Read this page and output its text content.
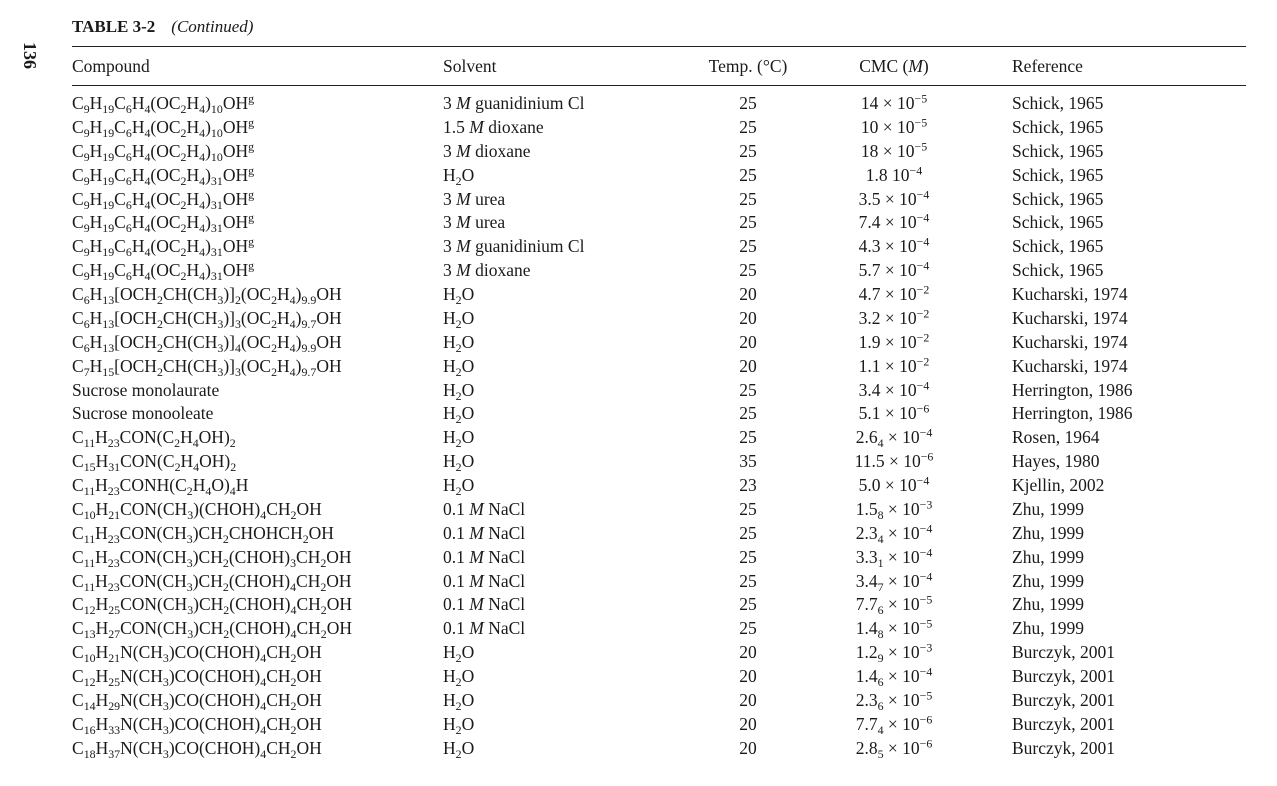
136
TABLE 3-2 (Continued)
Compound	Solvent	Temp. (°C)	CMC (M)	Reference
$C_9H_{19}C_6H_4(OC_2H_4)_{10}OH^g$	3 M guanidinium Cl	25	$14 \times 10^{-5}$	Schick, 1965
$C_9H_{19}C_6H_4(OC_2H_4)_{10}OH^g$	1.5 M dioxane	25	$10 \times 10^{-5}$	Schick, 1965
$C_9H_{19}C_6H_4(OC_2H_4)_{10}OH^g$	3 M dioxane	25	$18 \times 10^{-5}$	Schick, 1965
$C_9H_{19}C_6H_4(OC_2H_4)_{31}OH^g$	$H_2O$	25	1.8 $10^{-4}$	Schick, 1965
$C_9H_{19}C_6H_4(OC_2H_4)_{31}OH^g$	3 M urea	25	$3.5 \times 10^{-4}$	Schick, 1965
$C_9H_{19}C_6H_4(OC_2H_4)_{31}OH^g$	3 M urea	25	$7.4 \times 10^{-4}$	Schick, 1965
$C_9H_{19}C_6H_4(OC_2H_4)_{31}OH^g$	3 M guanidinium Cl	25	$4.3 \times 10^{-4}$	Schick, 1965
$C_9H_{19}C_6H_4(OC_2H_4)_{31}OH^g$	3 M dioxane	25	$5.7 \times 10^{-4}$	Schick, 1965
$C_6H_{13}[OCH_2CH(CH_3)]_2(OC_2H_4)_{9.9}OH$	$H_2O$	20	$4.7 \times 10^{-2}$	Kucharski, 1974
$C_6H_{13}[OCH_2CH(CH_3)]_3(OC_2H_4)_{9.7}OH$	$H_2O$	20	$3.2 \times 10^{-2}$	Kucharski, 1974
$C_6H_{13}[OCH_2CH(CH_3)]_4(OC_2H_4)_{9.9}OH$	$H_2O$	20	$1.9 \times 10^{-2}$	Kucharski, 1974
$C_7H_{15}[OCH_2CH(CH_3)]_3(OC_2H_4)_{9.7}OH$	$H_2O$	20	$1.1 \times 10^{-2}$	Kucharski, 1974
Sucrose monolaurate	$H_2O$	25	$3.4 \times 10^{-4}$	Herrington, 1986
Sucrose monooleate	$H_2O$	25	$5.1 \times 10^{-6}$	Herrington, 1986
$C_{11}H_{23}CON(C_2H_4OH)_2$	$H_2O$	25	$2.6_4 \times 10^{-4}$	Rosen, 1964
$C_{15}H_{31}CON(C_2H_4OH)_2$	$H_2O$	35	$11.5 \times 10^{-6}$	Hayes, 1980
$C_{11}H_{23}CONH(C_2H_4O)_4H$	$H_2O$	23	$5.0 \times 10^{-4}$	Kjellin, 2002
$C_{10}H_{21}CON(CH_3)(CHOH)_4CH_2OH$	0.1 M NaCl	25	$1.5_8 \times 10^{-3}$	Zhu, 1999
$C_{11}H_{23}CON(CH_3)CH_2CHOHCH_2OH$	0.1 M NaCl	25	$2.3_4 \times 10^{-4}$	Zhu, 1999
$C_{11}H_{23}CON(CH_3)CH_2(CHOH)_3CH_2OH$	0.1 M NaCl	25	$3.3_1 \times 10^{-4}$	Zhu, 1999
$C_{11}H_{23}CON(CH_3)CH_2(CHOH)_4CH_2OH$	0.1 M NaCl	25	$3.4_7 \times 10^{-4}$	Zhu, 1999
$C_{12}H_{25}CON(CH_3)CH_2(CHOH)_4CH_2OH$	0.1 M NaCl	25	$7.7_6 \times 10^{-5}$	Zhu, 1999
$C_{13}H_{27}CON(CH_3)CH_2(CHOH)_4CH_2OH$	0.1 M NaCl	25	$1.4_8 \times 10^{-5}$	Zhu, 1999
$C_{10}H_{21}N(CH_3)CO(CHOH)_4CH_2OH$	$H_2O$	20	$1.2_9 \times 10^{-3}$	Burczyk, 2001
$C_{12}H_{25}N(CH_3)CO(CHOH)_4CH_2OH$	$H_2O$	20	$1.4_6 \times 10^{-4}$	Burczyk, 2001
$C_{14}H_{29}N(CH_3)CO(CHOH)_4CH_2OH$	$H_2O$	20	$2.3_6 \times 10^{-5}$	Burczyk, 2001
$C_{16}H_{33}N(CH_3)CO(CHOH)_4CH_2OH$	$H_2O$	20	$7.7_4 \times 10^{-6}$	Burczyk, 2001
$C_{18}H_{37}N(CH_3)CO(CHOH)_4CH_2OH$	$H_2O$	20	$2.8_5 \times 10^{-6}$	Burczyk, 2001
